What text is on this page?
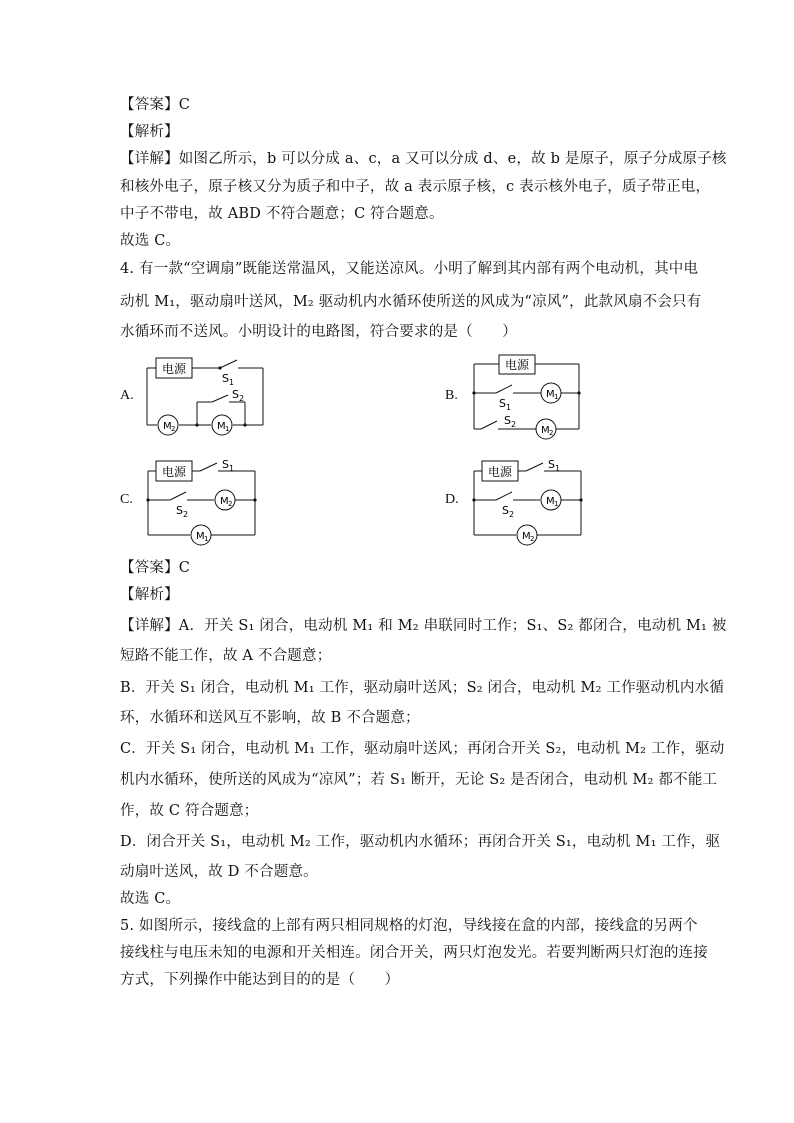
【答案】C
【解析】
【详解】如图乙所示，b 可以分成 a、c，a 又可以分成 d、e，故 b 是原子，原子分成原子核
和核外电子，原子核又分为质子和中子，故 a 表示原子核，c 表示核外电子，质子带正电，
中子不带电，故 ABD 不符合题意；C 符合题意。
故选 C。
4. 有一款“空调扇”既能送常温风，又能送凉风。小明了解到其内部有两个电动机，其中电
动机 M₁，驱动扇叶送风，M₂ 驱动机内水循环使所送的风成为“凉风”，此款风扇不会只有
水循环而不送风。小明设计的电路图，符合要求的是（　　）
A.	B.
C.	D.
电源
S 1
M 2	M 1
S 2
电源
M 1
S 1
S 2
M 2
电源
S 1
M 2
S 2
M 1
电源
S 1
M 1
S 2
M 2
【答案】C
【解析】
【详解】A．开关 S₁ 闭合，电动机 M₁ 和 M₂ 串联同时工作；S₁、S₂ 都闭合，电动机 M₁ 被
短路不能工作，故 A 不合题意；
B．开关 S₁ 闭合，电动机 M₁ 工作，驱动扇叶送风；S₂ 闭合，电动机 M₂ 工作驱动机内水循
环，水循环和送风互不影响，故 B 不合题意；
C．开关 S₁ 闭合，电动机 M₁ 工作，驱动扇叶送风；再闭合开关 S₂，电动机 M₂ 工作，驱动
机内水循环，使所送的风成为“凉风”；若 S₁ 断开，无论 S₂ 是否闭合，电动机 M₂ 都不能工
作，故 C 符合题意；
D．闭合开关 S₁，电动机 M₂ 工作，驱动机内水循环；再闭合开关 S₁，电动机 M₁ 工作，驱
动扇叶送风，故 D 不合题意。
故选 C。
5. 如图所示，接线盒的上部有两只相同规格的灯泡，导线接在盒的内部，接线盒的另两个
接线柱与电压未知的电源和开关相连。闭合开关，两只灯泡发光。若要判断两只灯泡的连接
方式，下列操作中能达到目的的是（　　）
